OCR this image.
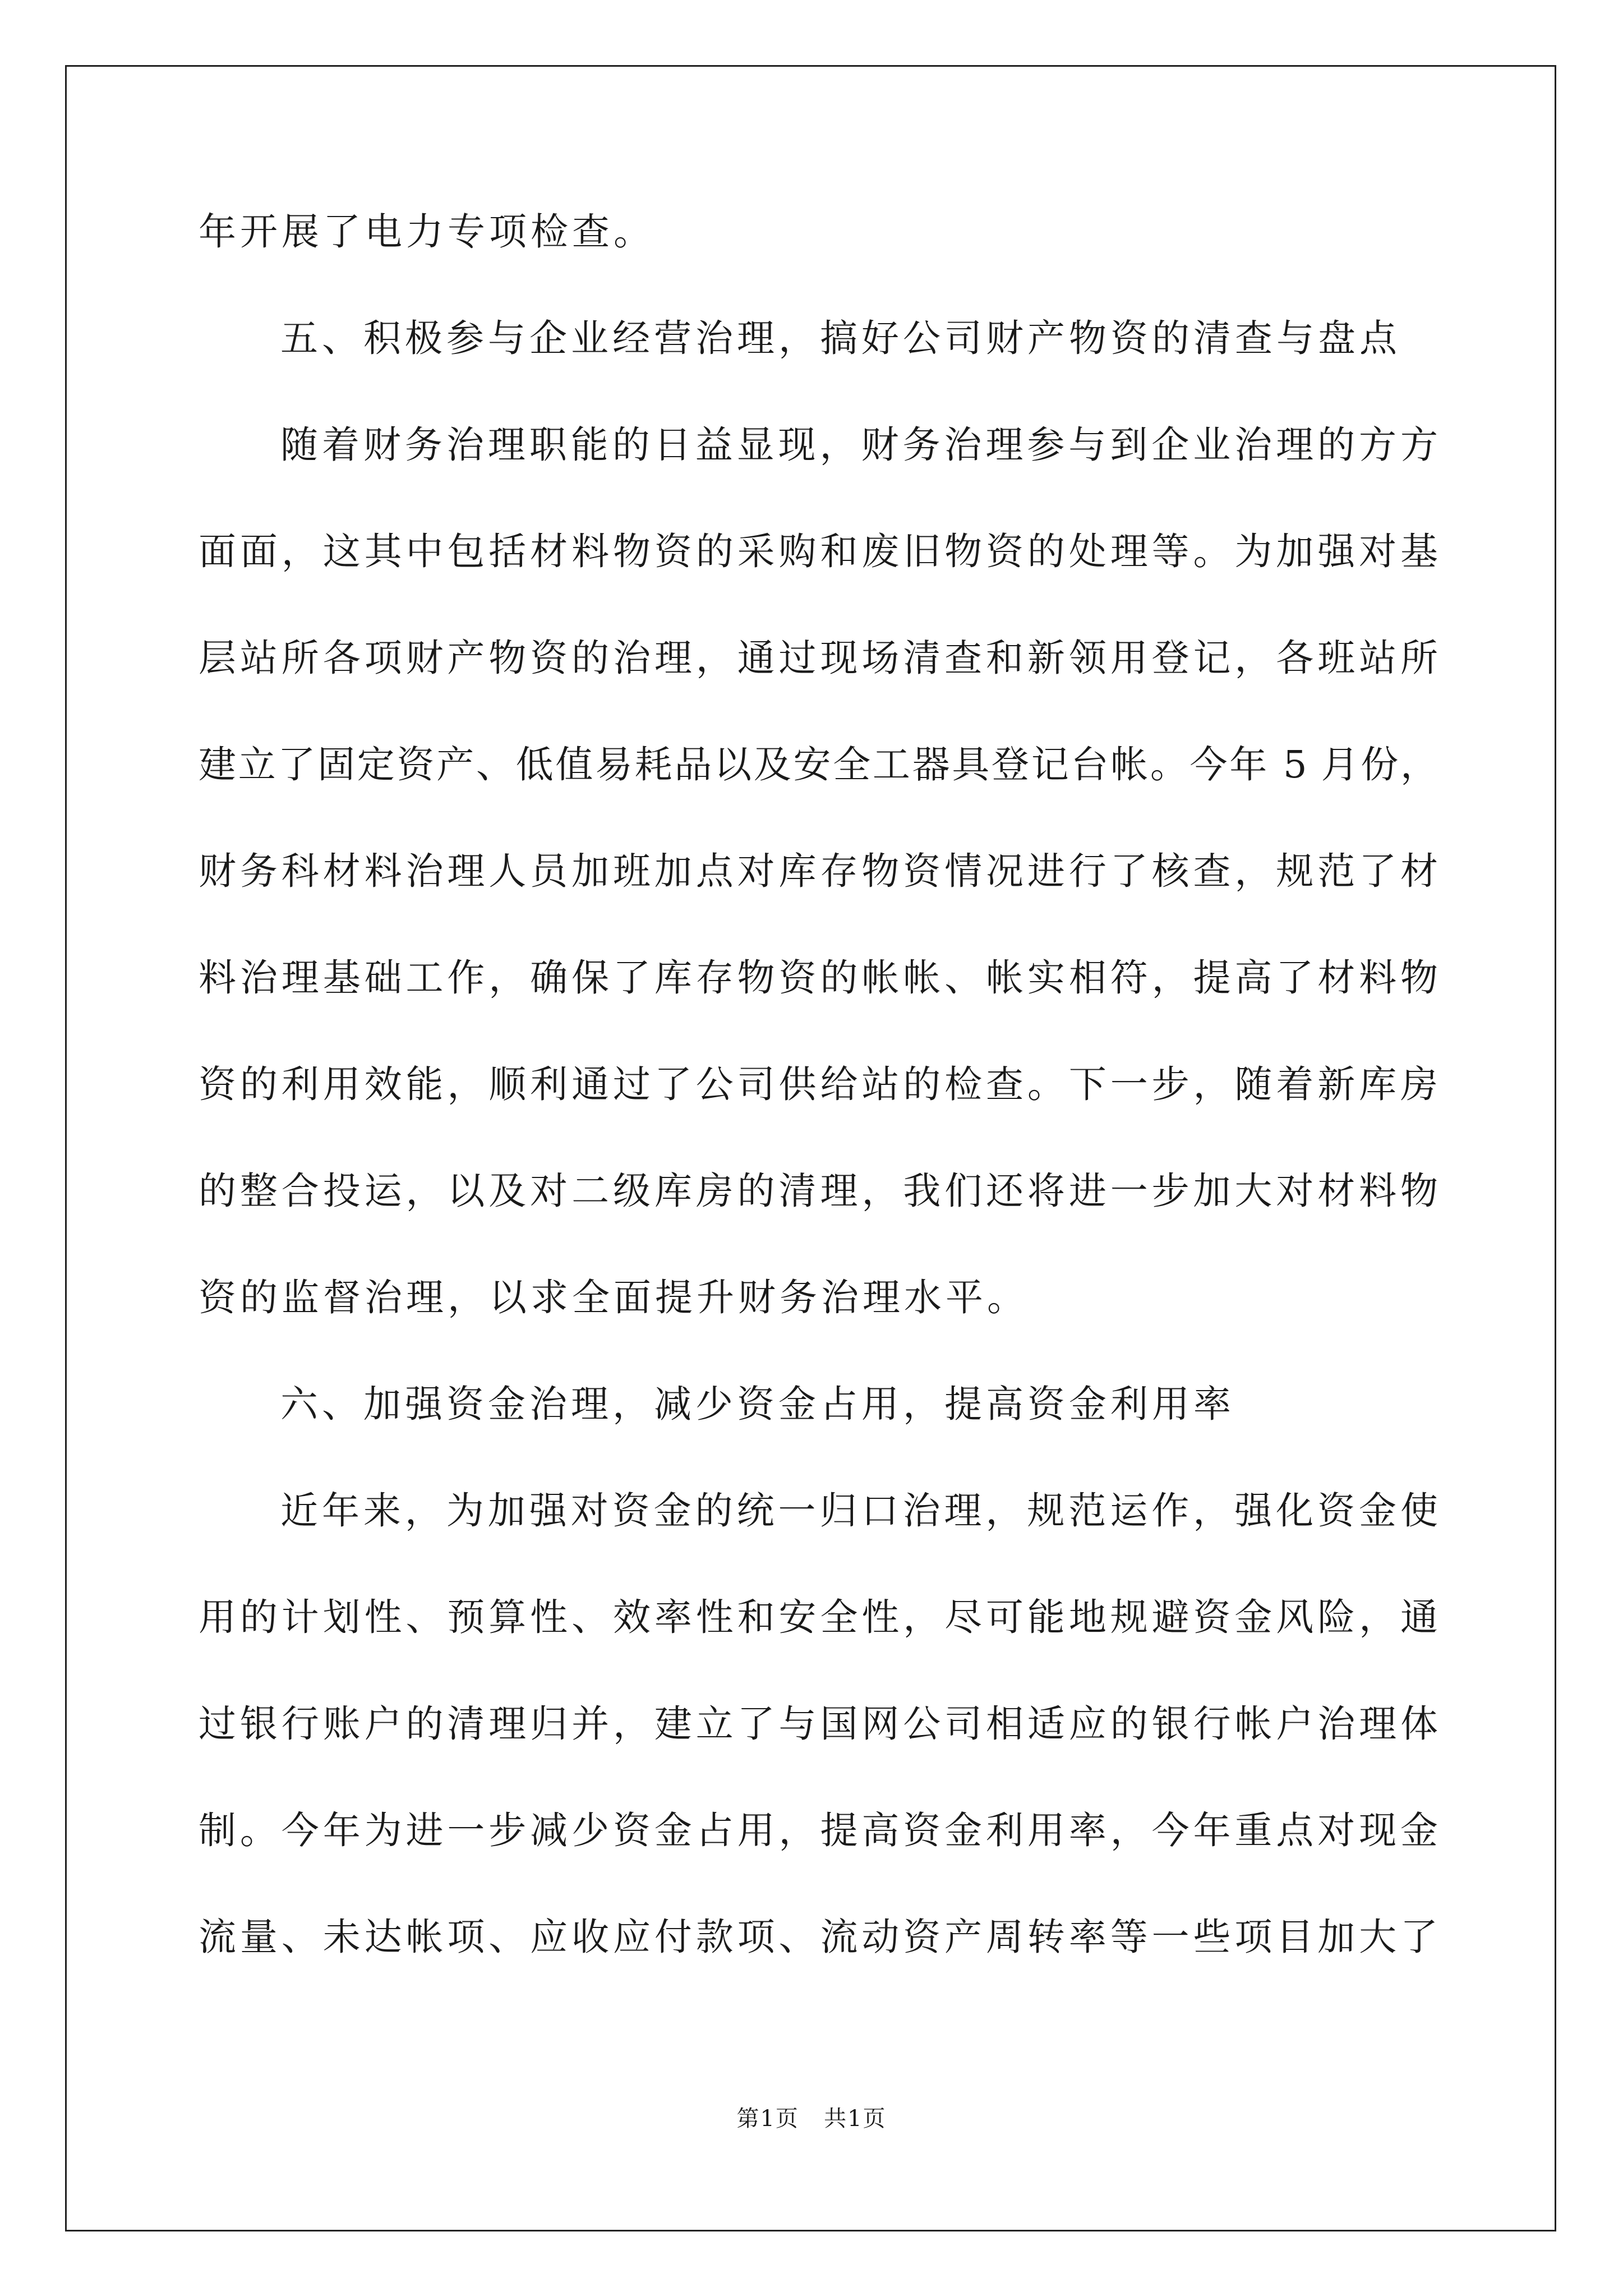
年开展了电力专项检查。
五、积极参与企业经营治理，搞好公司财产物资的清查与盘点
随着财务治理职能的日益显现，财务治理参与到企业治理的方方
面面，这其中包括材料物资的采购和废旧物资的处理等。为加强对基
层站所各项财产物资的治理，通过现场清查和新领用登记，各班站所
建立了固定资产、低值易耗品以及安全工器具登记台帐。今年 5 月份，
财务科材料治理人员加班加点对库存物资情况进行了核查，规范了材
料治理基础工作，确保了库存物资的帐帐、帐实相符，提高了材料物
资的利用效能，顺利通过了公司供给站的检查。下一步，随着新库房
的整合投运，以及对二级库房的清理，我们还将进一步加大对材料物
资的监督治理，以求全面提升财务治理水平。
六、加强资金治理，减少资金占用，提高资金利用率
近年来，为加强对资金的统一归口治理，规范运作，强化资金使
用的计划性、预算性、效率性和安全性，尽可能地规避资金风险，通
过银行账户的清理归并，建立了与国网公司相适应的银行帐户治理体
制。今年为进一步减少资金占用，提高资金利用率，今年重点对现金
流量、未达帐项、应收应付款项、流动资产周转率等一些项目加大了
第1页 共1页
